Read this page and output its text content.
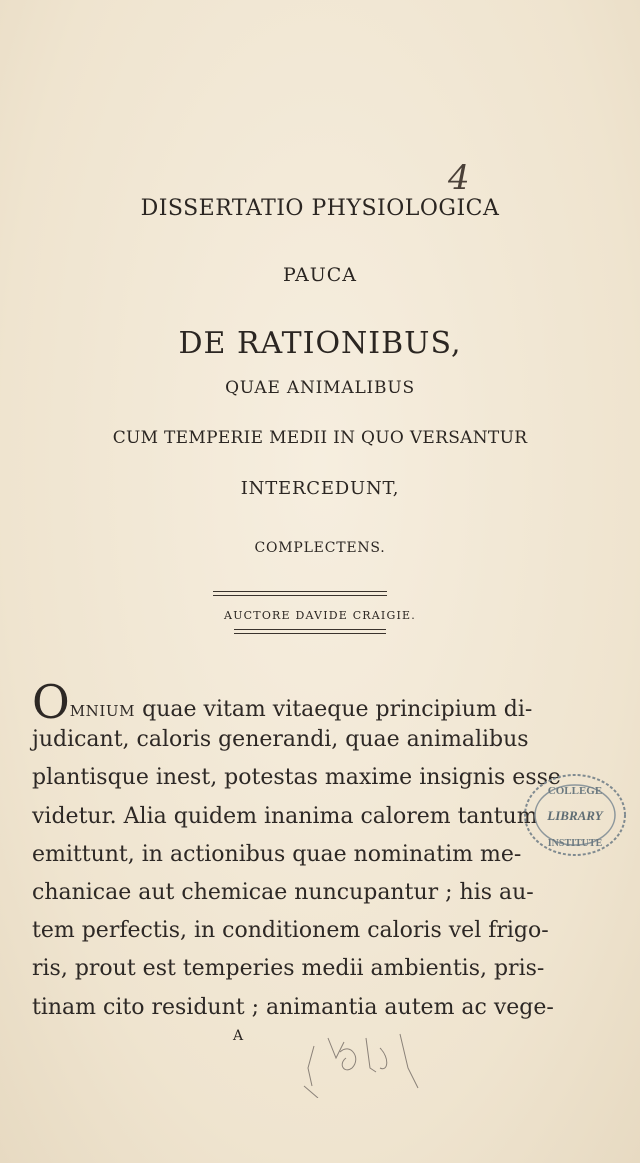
4
DISSERTATIO PHYSIOLOGICA
PAUCA
DE RATIONIBUS,
QUAE ANIMALIBUS
CUM TEMPERIE MEDII IN QUO VERSANTUR
INTERCEDUNT,
COMPLECTENS.
AUCTORE DAVIDE CRAIGIE.
OMNIUM quae vitam vitaeque principium di-
judicant, caloris generandi, quae animalibus
plantisque inest, potestas maxime insignis esse
videtur. Alia quidem inanima calorem tantum
emittunt, in actionibus quae nominatim me-
chanicae aut chemicae nuncupantur ; his au-
tem perfectis, in conditionem caloris vel frigo-
ris, prout est temperies medii ambientis, pris-
tinam cito residunt ; animantia autem ac vege-
A
COLLEGE
LIBRARY
INSTITUTE
